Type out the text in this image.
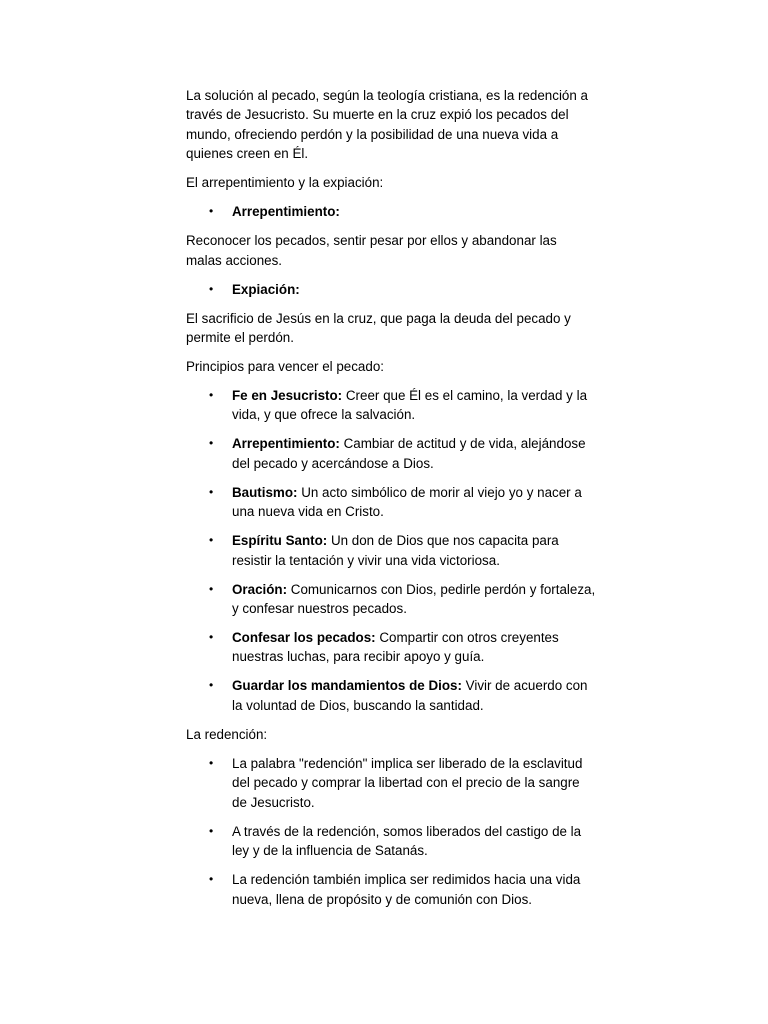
La solución al pecado, según la teología cristiana, es la redención a través de Jesucristo. Su muerte en la cruz expió los pecados del mundo, ofreciendo perdón y la posibilidad de una nueva vida a quienes creen en Él.

El arrepentimiento y la expiación:

• Arrepentimiento:

Reconocer los pecados, sentir pesar por ellos y abandonar las malas acciones.

• Expiación:

El sacrificio de Jesús en la cruz, que paga la deuda del pecado y permite el perdón.

Principios para vencer el pecado:

• Fe en Jesucristo: Creer que Él es el camino, la verdad y la vida, y que ofrece la salvación.
• Arrepentimiento: Cambiar de actitud y de vida, alejándose del pecado y acercándose a Dios.
• Bautismo: Un acto simbólico de morir al viejo yo y nacer a una nueva vida en Cristo.
• Espíritu Santo: Un don de Dios que nos capacita para resistir la tentación y vivir una vida victoriosa.
• Oración: Comunicarnos con Dios, pedirle perdón y fortaleza, y confesar nuestros pecados.
• Confesar los pecados: Compartir con otros creyentes nuestras luchas, para recibir apoyo y guía.
• Guardar los mandamientos de Dios: Vivir de acuerdo con la voluntad de Dios, buscando la santidad.

La redención:

• La palabra "redención" implica ser liberado de la esclavitud del pecado y comprar la libertad con el precio de la sangre de Jesucristo.
• A través de la redención, somos liberados del castigo de la ley y de la influencia de Satanás.
• La redención también implica ser redimidos hacia una vida nueva, llena de propósito y de comunión con Dios.
